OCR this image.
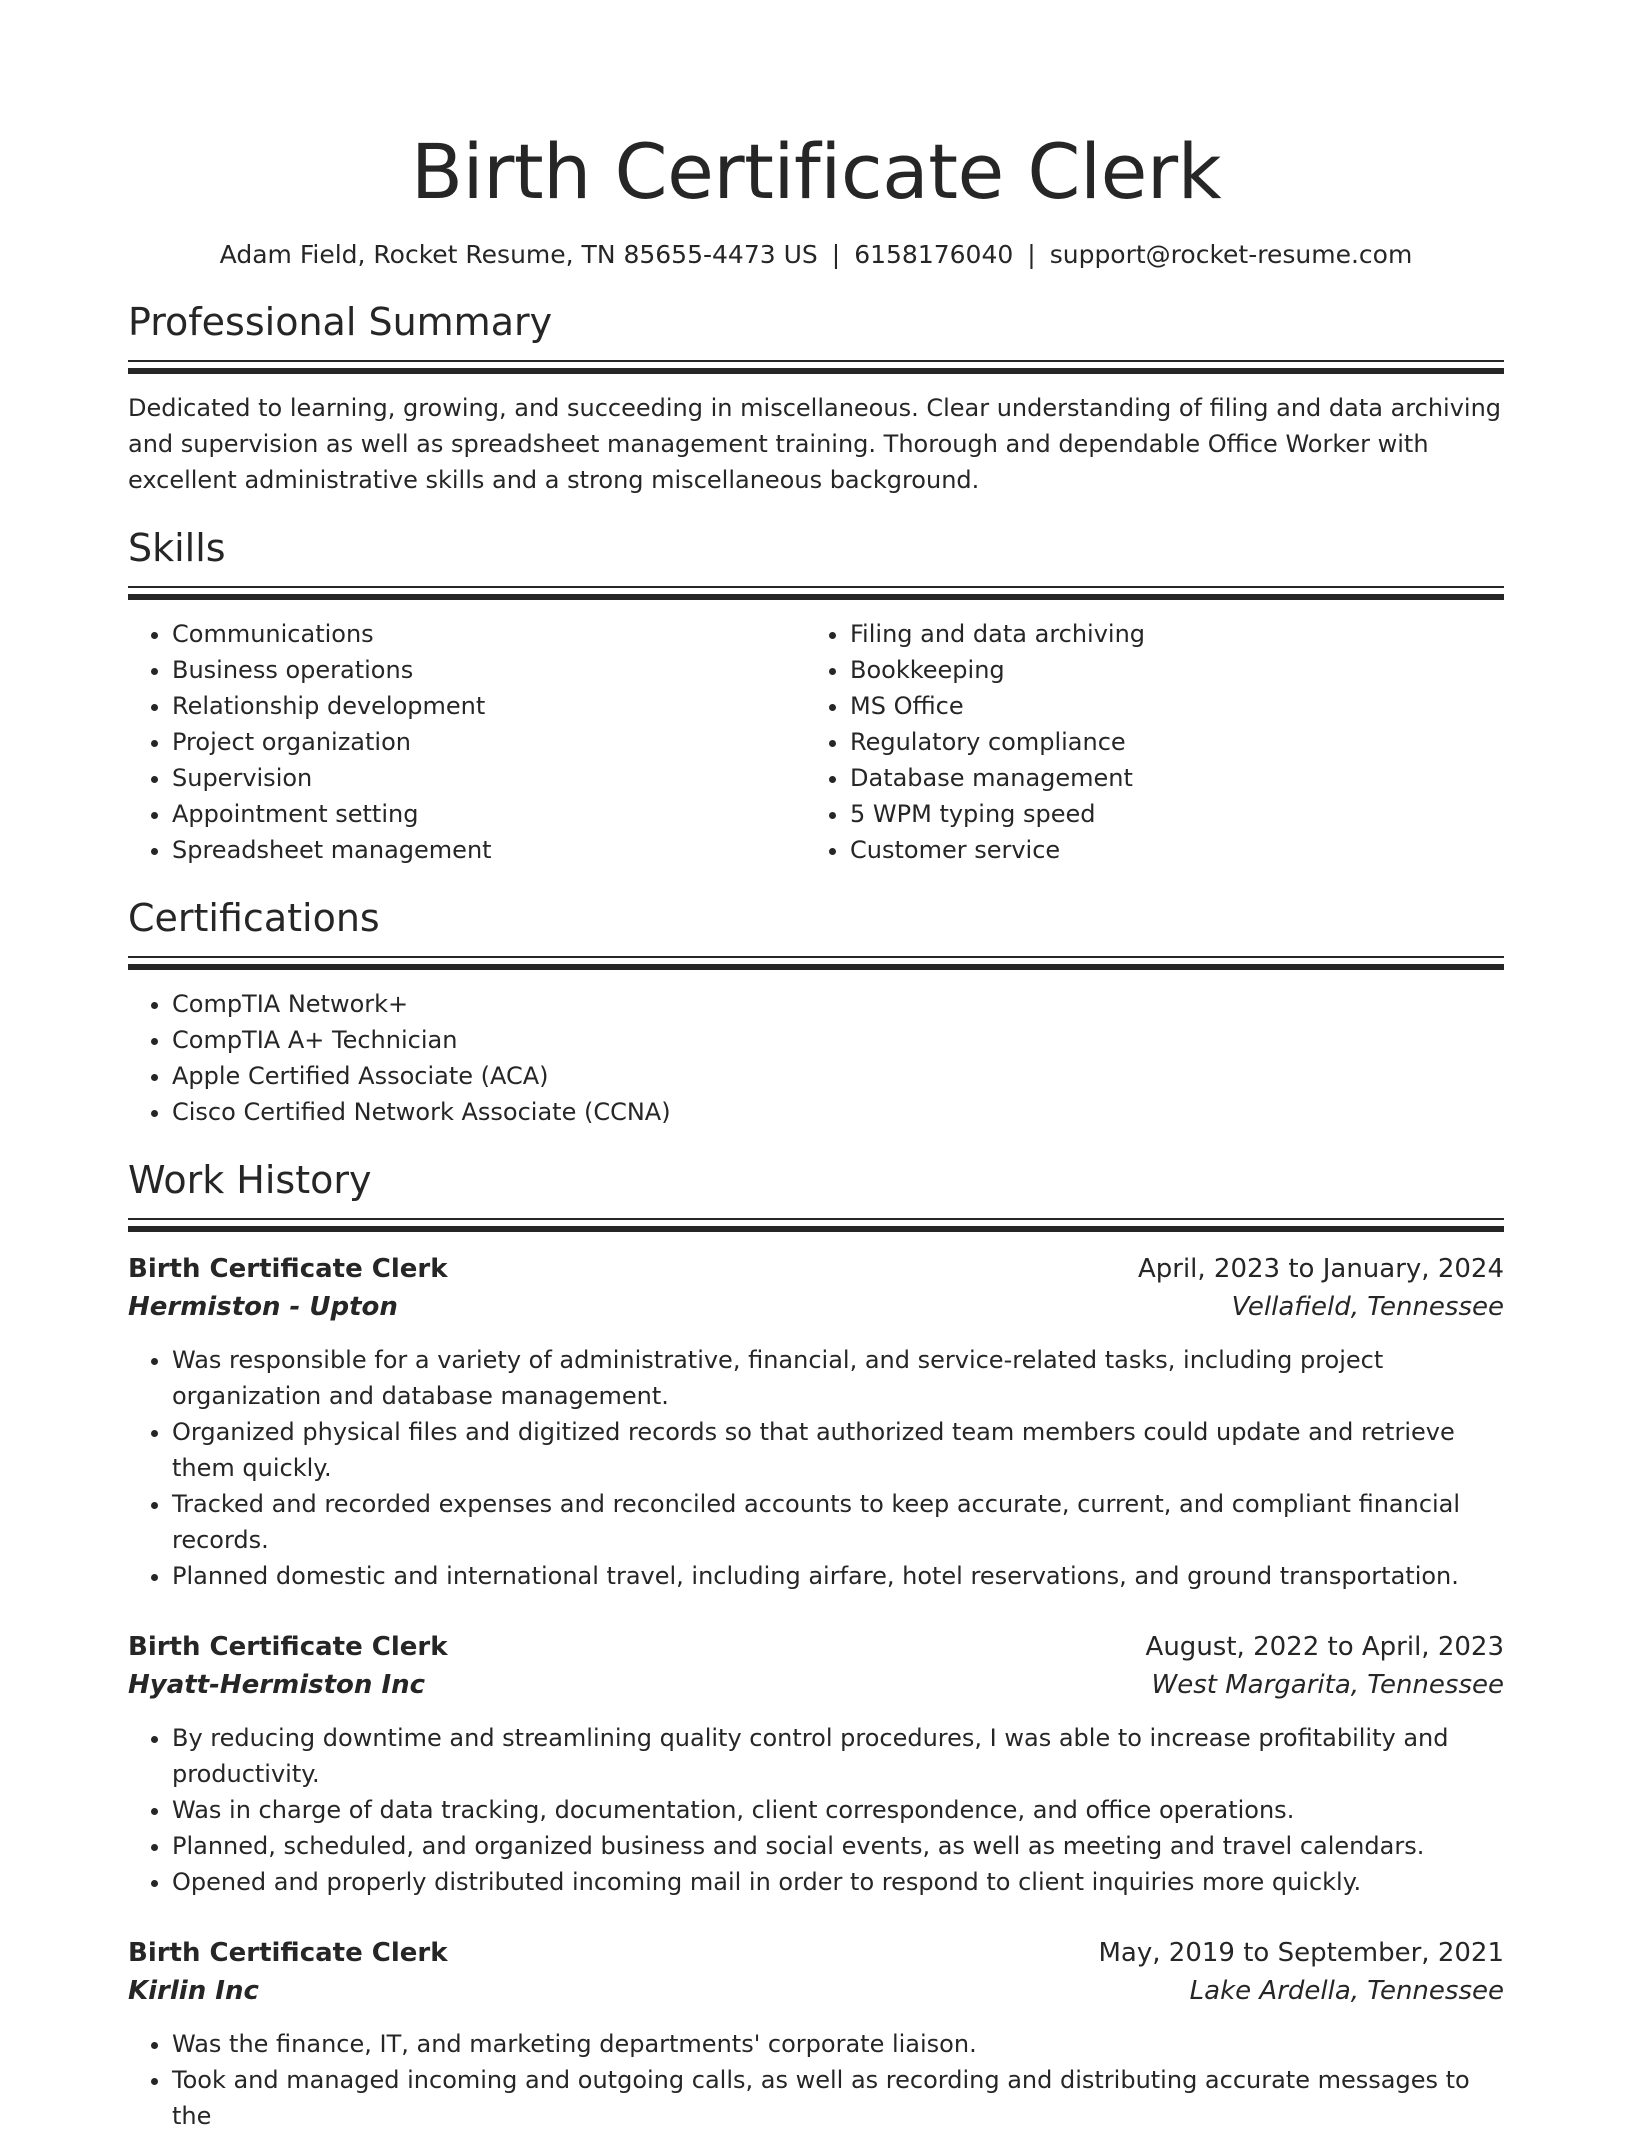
Birth Certificate Clerk
Adam Field, Rocket Resume, TN 85655-4473 US | 6158176040 | support@rocket-resume.com
Professional Summary
Dedicated to learning, growing, and succeeding in miscellaneous. Clear understanding of filing and data archiving and supervision as well as spreadsheet management training. Thorough and dependable Office Worker with excellent administrative skills and a strong miscellaneous background.
Skills
• Communications
• Business operations
• Relationship development
• Project organization
• Supervision
• Appointment setting
• Spreadsheet management
• Filing and data archiving
• Bookkeeping
• MS Office
• Regulatory compliance
• Database management
• 5 WPM typing speed
• Customer service
Certifications
• CompTIA Network+
• CompTIA A+ Technician
• Apple Certified Associate (ACA)
• Cisco Certified Network Associate (CCNA)
Work History
Birth Certificate Clerk	April, 2023 to January, 2024
Hermiston - Upton	Vellafield, Tennessee
• Was responsible for a variety of administrative, financial, and service-related tasks, including project organization and database management.
• Organized physical files and digitized records so that authorized team members could update and retrieve them quickly.
• Tracked and recorded expenses and reconciled accounts to keep accurate, current, and compliant financial records.
• Planned domestic and international travel, including airfare, hotel reservations, and ground transportation.
Birth Certificate Clerk	August, 2022 to April, 2023
Hyatt-Hermiston Inc	West Margarita, Tennessee
• By reducing downtime and streamlining quality control procedures, I was able to increase profitability and productivity.
• Was in charge of data tracking, documentation, client correspondence, and office operations.
• Planned, scheduled, and organized business and social events, as well as meeting and travel calendars.
• Opened and properly distributed incoming mail in order to respond to client inquiries more quickly.
Birth Certificate Clerk	May, 2019 to September, 2021
Kirlin Inc	Lake Ardella, Tennessee
• Was the finance, IT, and marketing departments' corporate liaison.
• Took and managed incoming and outgoing calls, as well as recording and distributing accurate messages to the
